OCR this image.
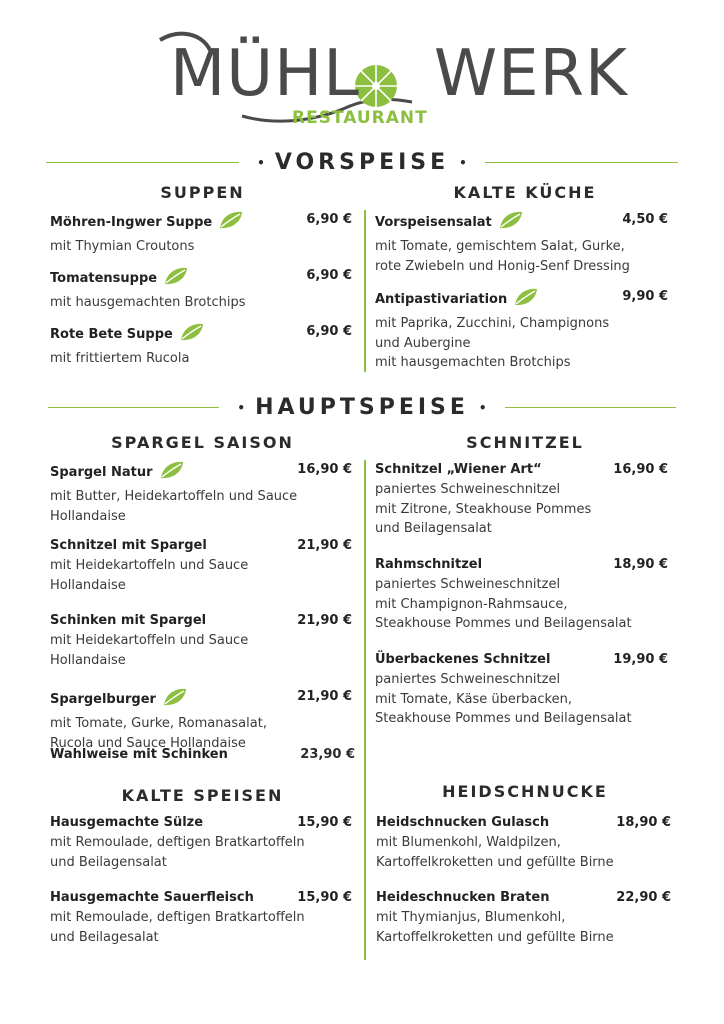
MÜHL WERK
RESTAURANT
• VORSPEISE •
SUPPEN	KALTE KÜCHE
• HAUPTSPEISE •
SPARGEL SAISON	SCHNITZEL
Wahlweise mit Schinken	23,90 €
KALTE SPEISEN	HEIDSCHNUCKE
Möhren-Ingwer Suppe	6,90 €
mit Thymian Croutons
Tomatensuppe	6,90 €
mit hausgemachten Brotchips
Rote Bete Suppe	6,90 €
mit frittiertem Rucola
Vorspeisensalat	4,50 €
mit Tomate, gemischtem Salat, Gurke,
rote Zwiebeln und Honig-Senf Dressing
Antipastivariation	9,90 €
mit Paprika, Zucchini, Champignons
und Aubergine
mit hausgemachten Brotchips
Spargel Natur	16,90 €
mit Butter, Heidekartoffeln und Sauce
Hollandaise
Schnitzel mit Spargel	21,90 €
mit Heidekartoffeln und Sauce
Hollandaise
Schinken mit Spargel	21,90 €
mit Heidekartoffeln und Sauce
Hollandaise
Spargelburger	21,90 €
mit Tomate, Gurke, Romanasalat,
Rucola und Sauce Hollandaise
Schnitzel „Wiener Art“	16,90 €
paniertes Schweineschnitzel
mit Zitrone, Steakhouse Pommes
und Beilagensalat
Rahmschnitzel	18,90 €
paniertes Schweineschnitzel
mit Champignon-Rahmsauce,
Steakhouse Pommes und Beilagensalat
Überbackenes Schnitzel	19,90 €
paniertes Schweineschnitzel
mit Tomate, Käse überbacken,
Steakhouse Pommes und Beilagensalat
Hausgemachte Sülze	15,90 €
mit Remoulade, deftigen Bratkartoffeln
und Beilagensalat
Hausgemachte Sauerfleisch	15,90 €
mit Remoulade, deftigen Bratkartoffeln
und Beilagesalat
Heidschnucken Gulasch	18,90 €
mit Blumenkohl, Waldpilzen,
Kartoffelkroketten und gefüllte Birne
Heideschnucken Braten	22,90 €
mit Thymianjus, Blumenkohl,
Kartoffelkroketten und gefüllte Birne
